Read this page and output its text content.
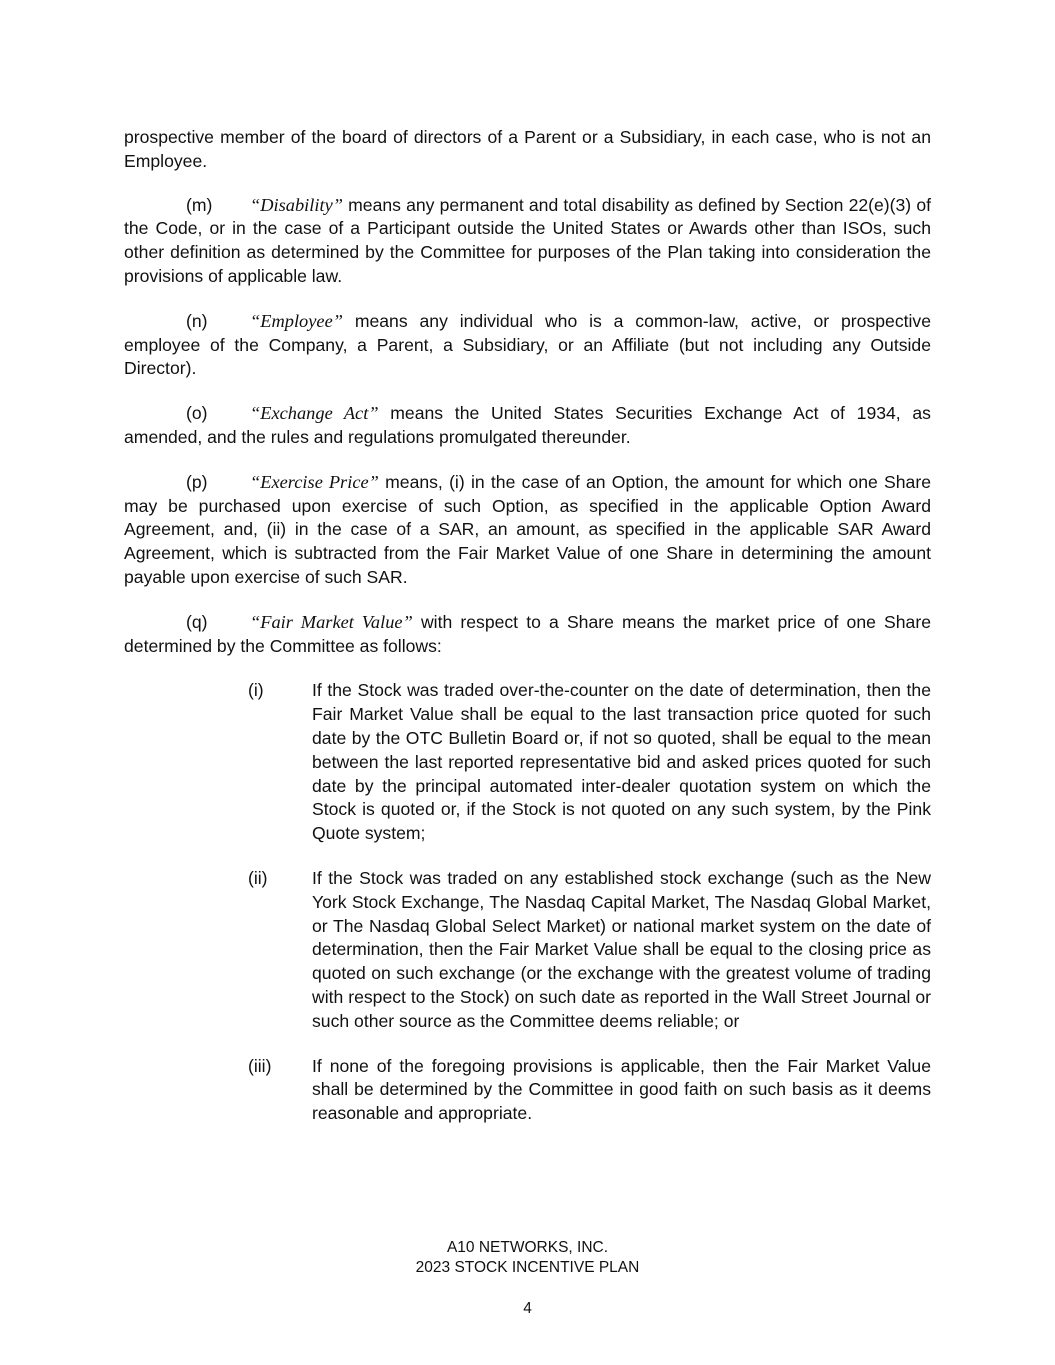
prospective member of the board of directors of a Parent or a Subsidiary, in each case, who is not an Employee.

(m) “Disability” means any permanent and total disability as defined by Section 22(e)(3) of the Code, or in the case of a Participant outside the United States or Awards other than ISOs, such other definition as determined by the Committee for purposes of the Plan taking into consideration the provisions of applicable law.

(n) “Employee” means any individual who is a common-law, active, or prospective employee of the Company, a Parent, a Subsidiary, or an Affiliate (but not including any Outside Director).

(o) “Exchange Act” means the United States Securities Exchange Act of 1934, as amended, and the rules and regulations promulgated thereunder.

(p) “Exercise Price” means, (i) in the case of an Option, the amount for which one Share may be purchased upon exercise of such Option, as specified in the applicable Option Award Agreement, and, (ii) in the case of a SAR, an amount, as specified in the applicable SAR Award Agreement, which is subtracted from the Fair Market Value of one Share in determining the amount payable upon exercise of such SAR.

(q) “Fair Market Value” with respect to a Share means the market price of one Share determined by the Committee as follows:

(i)	If the Stock was traded over-the-counter on the date of determination, then the Fair Market Value shall be equal to the last transaction price quoted for such date by the OTC Bulletin Board or, if not so quoted, shall be equal to the mean between the last reported representative bid and asked prices quoted for such date by the principal automated inter-dealer quotation system on which the Stock is quoted or, if the Stock is not quoted on any such system, by the Pink Quote system;
(ii)	If the Stock was traded on any established stock exchange (such as the New York Stock Exchange, The Nasdaq Capital Market, The Nasdaq Global Market, or The Nasdaq Global Select Market) or national market system on the date of determination, then the Fair Market Value shall be equal to the closing price as quoted on such exchange (or the exchange with the greatest volume of trading with respect to the Stock) on such date as reported in the Wall Street Journal or such other source as the Committee deems reliable; or
(iii)	If none of the foregoing provisions is applicable, then the Fair Market Value shall be determined by the Committee in good faith on such basis as it deems reasonable and appropriate.
A10 NETWORKS, INC.
2023 STOCK INCENTIVE PLAN
4
